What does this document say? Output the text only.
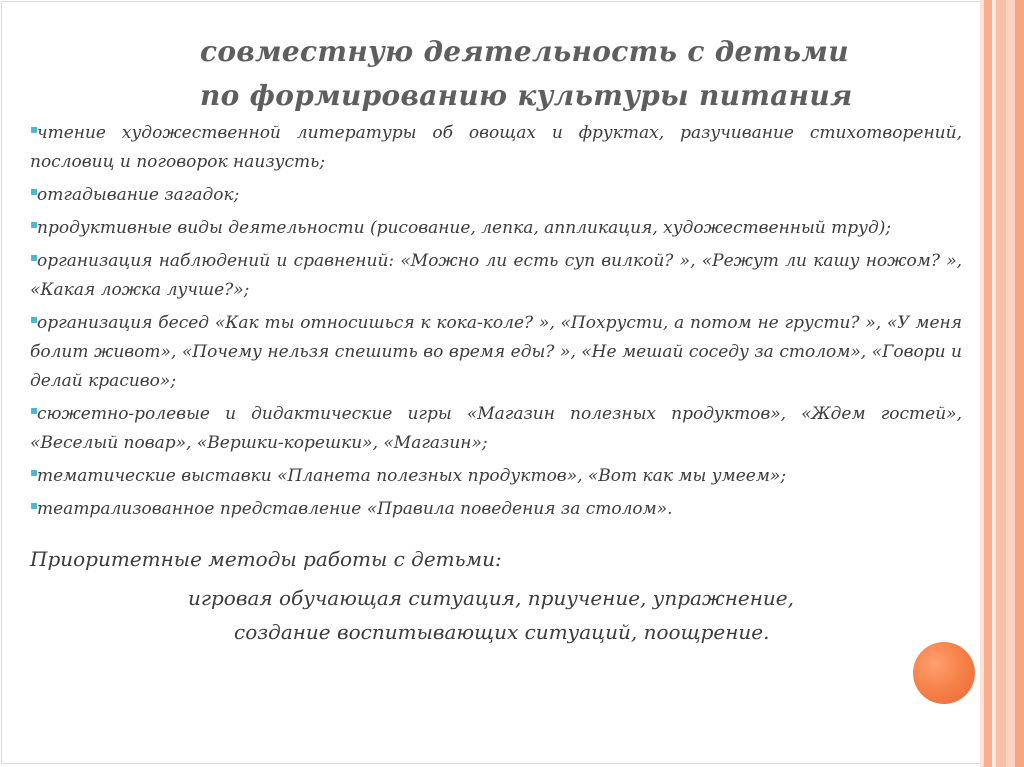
совместную деятельность с детьми
по формированию культуры питания
▪чтение художественной литературы об овощах и фруктах, разучивание стихотворений, пословиц и поговорок наизусть;
▪отгадывание загадок;
▪продуктивные виды деятельности (рисование, лепка, аппликация, художественный труд);
▪организация наблюдений и сравнений: «Можно ли есть суп вилкой? », «Режут ли кашу ножом? », «Какая ложка лучше?»;
▪организация бесед «Как ты относишься к кока-коле? », «Похрусти, а потом не грусти? », «У меня болит живот», «Почему нельзя спешить во время еды? », «Не мешай соседу за столом», «Говори и делай красиво»;
▪сюжетно-ролевые и дидактические игры «Магазин полезных продуктов», «Ждем гостей», «Веселый повар», «Вершки-корешки», «Магазин»;
▪тематические выставки «Планета полезных продуктов», «Вот как мы умеем»;
▪театрализованное представление «Правила поведения за столом».
Приоритетные методы работы с детьми:
игровая обучающая ситуация, приучение, упражнение,
создание воспитывающих ситуаций, поощрение.
